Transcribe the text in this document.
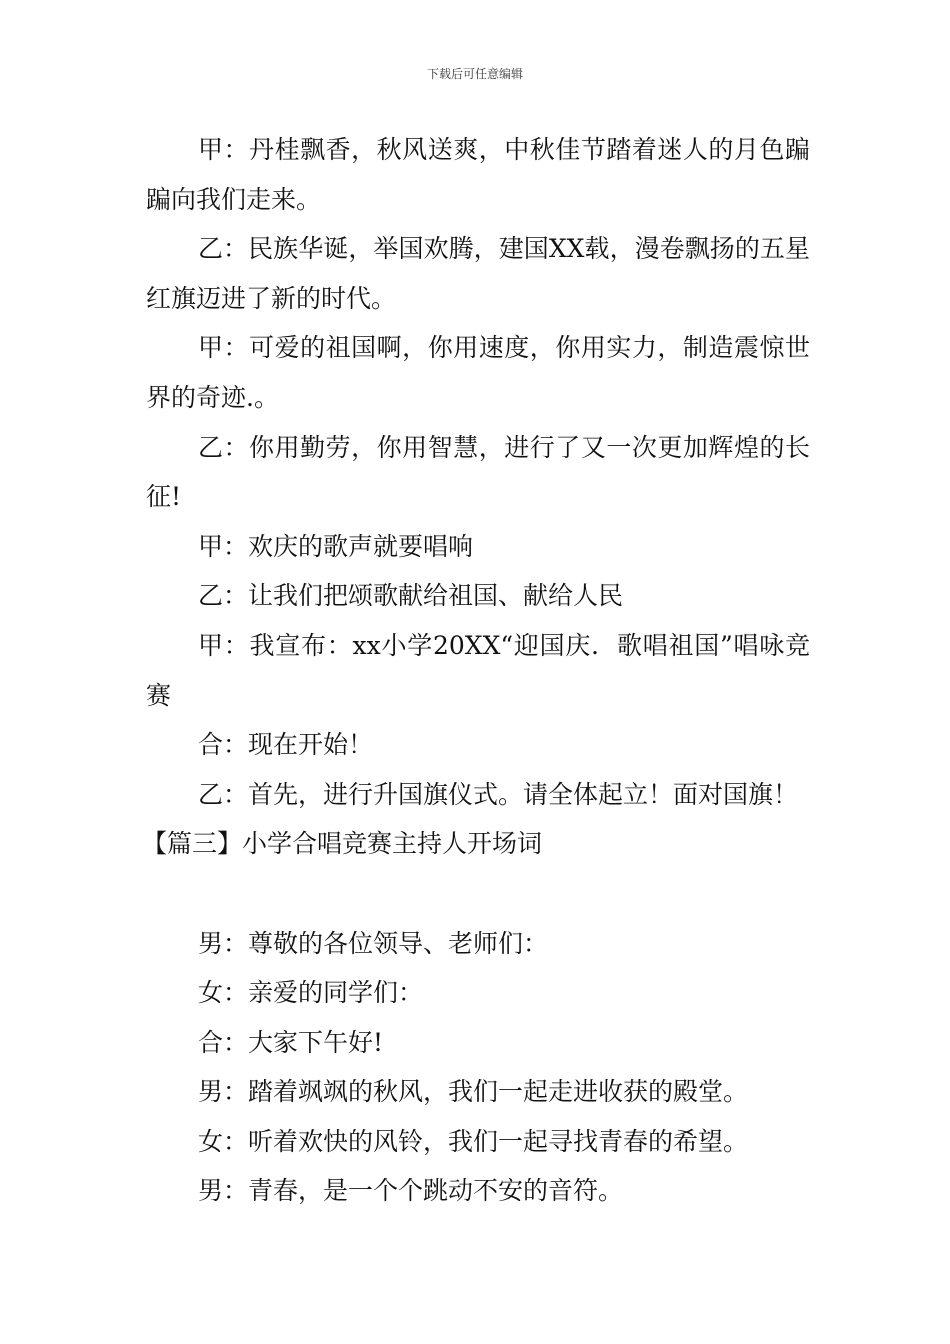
下载后可任意编辑

甲：丹桂飘香，秋风送爽，中秋佳节踏着迷人的月色蹁蹁向我们走来。

乙：民族华诞，举国欢腾，建国XX载，漫卷飘扬的五星红旗迈进了新的时代。

甲：可爱的祖国啊，你用速度，你用实力，制造震惊世界的奇迹.。

乙：你用勤劳，你用智慧，进行了又一次更加辉煌的长征!

甲：欢庆的歌声就要唱响

乙：让我们把颂歌献给祖国、献给人民

甲：我宣布：xx小学20XX“迎国庆．歌唱祖国”唱咏竞赛

合：现在开始！

乙：首先，进行升国旗仪式。请全体起立！面对国旗！

【篇三】小学合唱竞赛主持人开场词

男：尊敬的各位领导、老师们：

女：亲爱的同学们：

合：大家下午好!

男：踏着飒飒的秋风，我们一起走进收获的殿堂。

女：听着欢快的风铃，我们一起寻找青春的希望。

男：青春，是一个个跳动不安的音符。
